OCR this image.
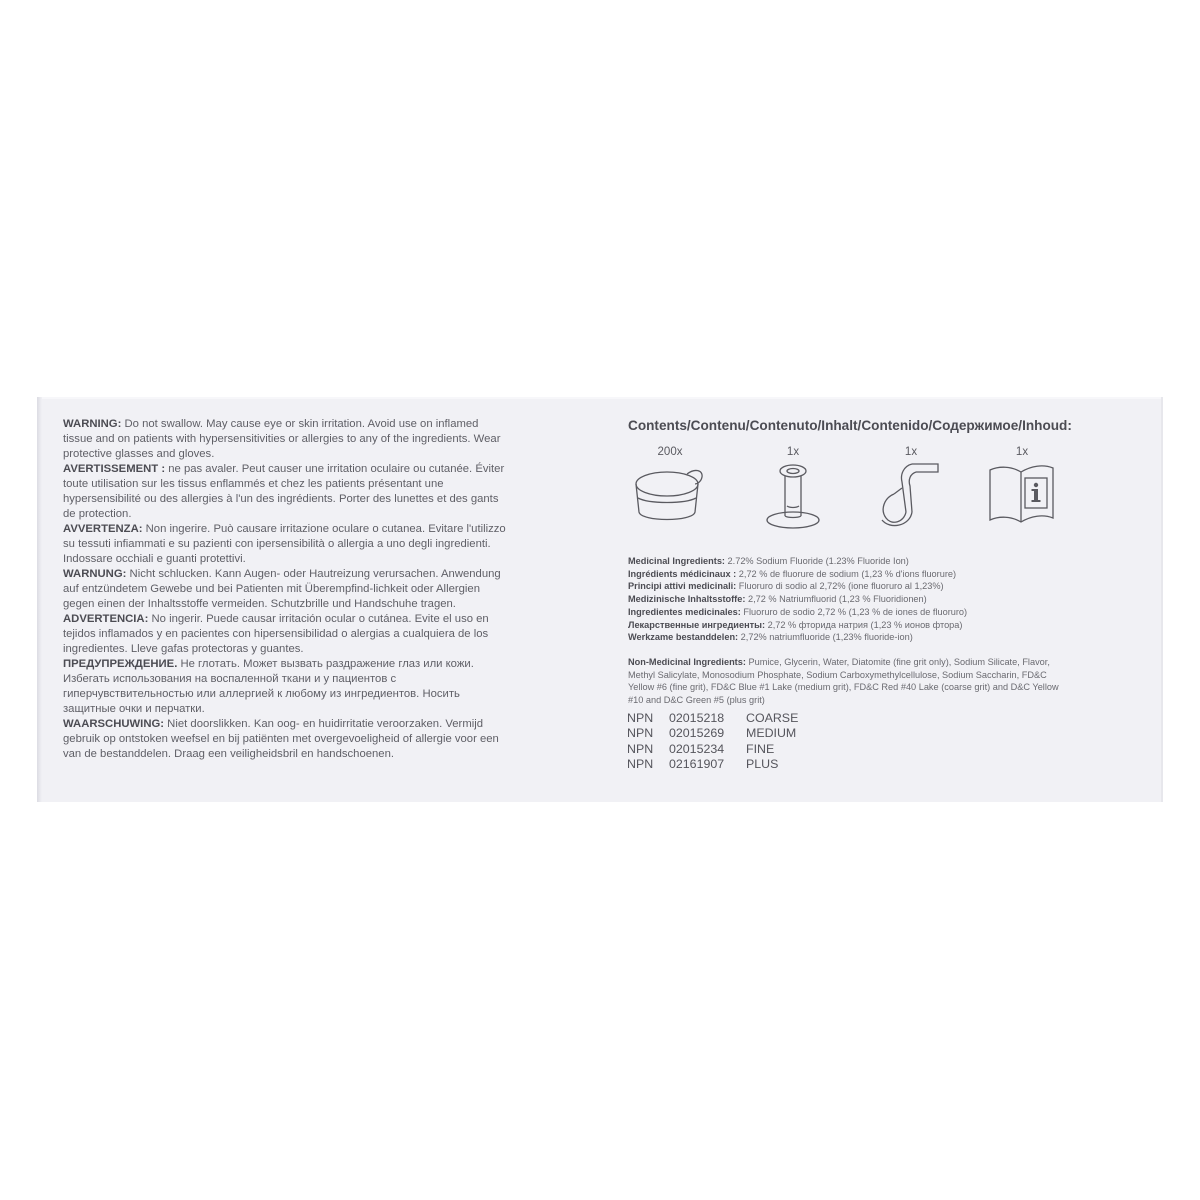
WARNING: Do not swallow. May cause eye or skin irritation. Avoid use on inflamed tissue and on patients with hypersensitivities or allergies to any of the ingredients. Wear protective glasses and gloves.

AVERTISSEMENT : ne pas avaler. Peut causer une irritation oculaire ou cutanée. Éviter toute utilisation sur les tissus enflammés et chez les patients présentant une hypersensibilité ou des allergies à l'un des ingrédients. Porter des lunettes et des gants de protection.

AVVERTENZA: Non ingerire. Può causare irritazione oculare o cutanea. Evitare l'utilizzo su tessuti infiammati e su pazienti con ipersensibilità o allergia a uno degli ingredienti. Indossare occhiali e guanti protettivi.

WARNUNG: Nicht schlucken. Kann Augen- oder Hautreizung verursachen. Anwendung auf entzündetem Gewebe und bei Patienten mit Überempfind-lichkeit oder Allergien gegen einen der Inhaltsstoffe vermeiden. Schutzbrille und Handschuhe tragen.

ADVERTENCIA: No ingerir. Puede causar irritación ocular o cutánea. Evite el uso en tejidos inflamados y en pacientes con hipersensibilidad o alergias a cualquiera de los ingredientes. Lleve gafas protectoras y guantes.

ПРЕДУПРЕЖДЕНИЕ. Не глотать. Может вызвать раздражение глаз или кожи. Избегать использования на воспаленной ткани и у пациентов с гиперчувствительностью или аллергией к любому из ингредиентов. Носить защитные очки и перчатки.

WAARSCHUWING: Niet doorslikken. Kan oog- en huidirritatie veroorzaken. Vermijd gebruik op ontstoken weefsel en bij patiënten met overgevoeligheid of allergie voor een van de bestanddelen. Draag een veiligheidsbril en handschoenen.

Contents/Contenu/Contenuto/Inhalt/Contenido/Содержимое/Inhoud:
200x	1x	1x	1x

Medicinal Ingredients: 2.72% Sodium Fluoride (1.23% Fluoride Ion)

Ingrédients médicinaux : 2,72 % de fluorure de sodium (1,23 % d'ions fluorure)

Principi attivi medicinali: Fluoruro di sodio al 2,72% (ione fluoruro al 1,23%)

Medizinische Inhaltsstoffe: 2,72 % Natriumfluorid (1,23 % Fluoridionen)

Ingredientes medicinales: Fluoruro de sodio 2,72 % (1,23 % de iones de fluoruro)

Лекарственные ингредиенты: 2,72 % фторида натрия (1,23 % ионов фтора)

Werkzame bestanddelen: 2,72% natriumfluoride (1,23% fluoride-ion)

Non-Medicinal Ingredients: Pumice, Glycerin, Water, Diatomite (fine grit only), Sodium Silicate, Flavor, Methyl Salicylate, Monosodium Phosphate, Sodium Carboxymethylcellulose, Sodium Saccharin, FD&C Yellow #6 (fine grit), FD&C Blue #1 Lake (medium grit), FD&C Red #40 Lake (coarse grit) and D&C Yellow #10 and D&C Green #5 (plus grit)
NPN	02015218	COARSE
NPN	02015269	MEDIUM
NPN	02015234	FINE
NPN	02161907	PLUS
